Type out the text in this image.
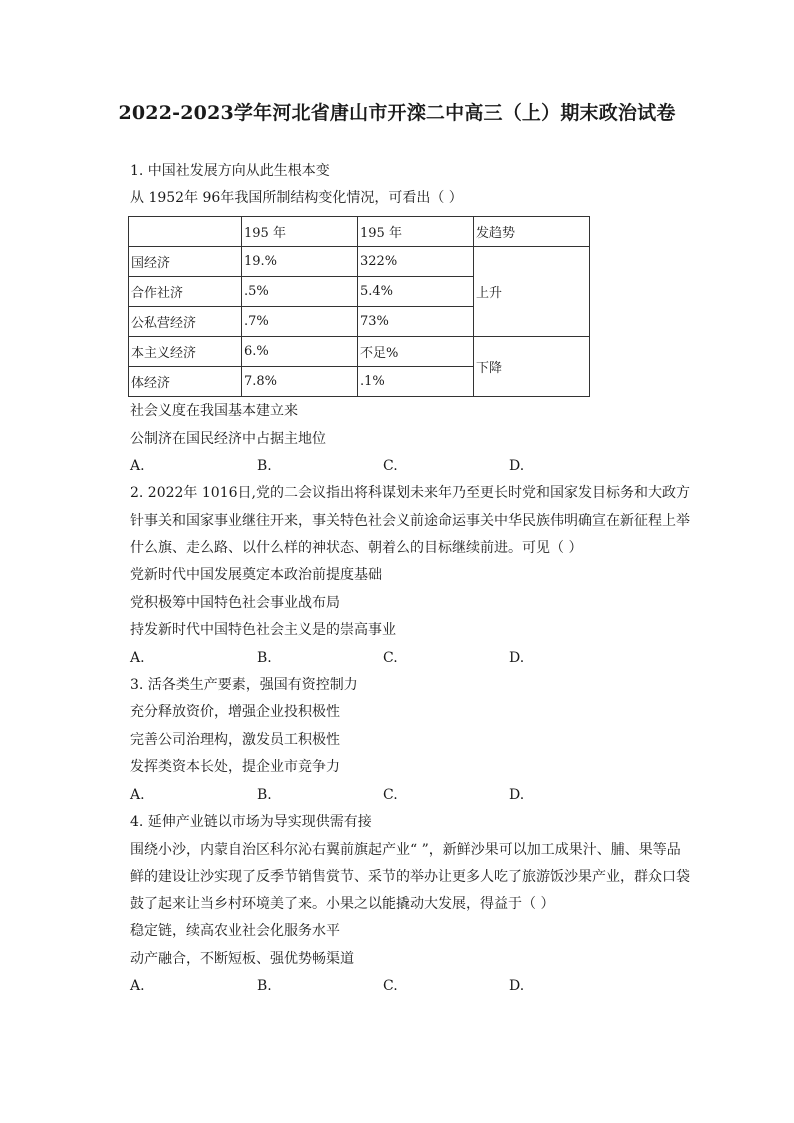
2022-2023学年河北省唐山市开滦二中高三（上）期末政治试卷
1. 中国社发展方向从此生根本变
从 1952年 96年我国所制结构变化情况，可看出（ ）
	195 年	195 年	发趋势
国经济	19.%	322%	上升
合作社济	.5%	5.4%	
公私营经济	.7%	73%	
本主义经济	6.%	不足%	下降
体经济	7.8%	.1%	
社会义度在我国基本建立来
公制济在国民经济中占据主地位
A.	B.	C.	D.
2. 2022年 1016日,党的二会议指出将科谋划未来年乃至更长时党和国家发目标务和大政方
针事关和国家事业继往开来，事关特色社会义前途命运事关中华民族伟明确宣在新征程上举
什么旗、走么路、以什么样的神状态、朝着么的目标继续前进。可见（ ）
党新时代中国发展奠定本政治前提度基础
党积极筹中国特色社会事业战布局
持发新时代中国特色社会主义是的崇高事业
A.	B.	C.	D.
3. 活各类生产要素，强国有资控制力
充分释放资价，增强企业投积极性
完善公司治理构，激发员工积极性
发挥类资本长处，提企业市竞争力
A.	B.	C.	D.
4. 延伸产业链以市场为导实现供需有接
围绕小沙，内蒙自治区科尔沁右翼前旗起产业“ ”，新鲜沙果可以加工成果汁、脯、果等品
鲜的建设让沙实现了反季节销售赏节、采节的举办让更多人吃了旅游饭沙果产业，群众口袋
鼓了起来让当乡村环境美了来。小果之以能撬动大发展，得益于（ ）
稳定链，续高农业社会化服务水平
动产融合，不断短板、强优势畅渠道
A.	B.	C.	D.
